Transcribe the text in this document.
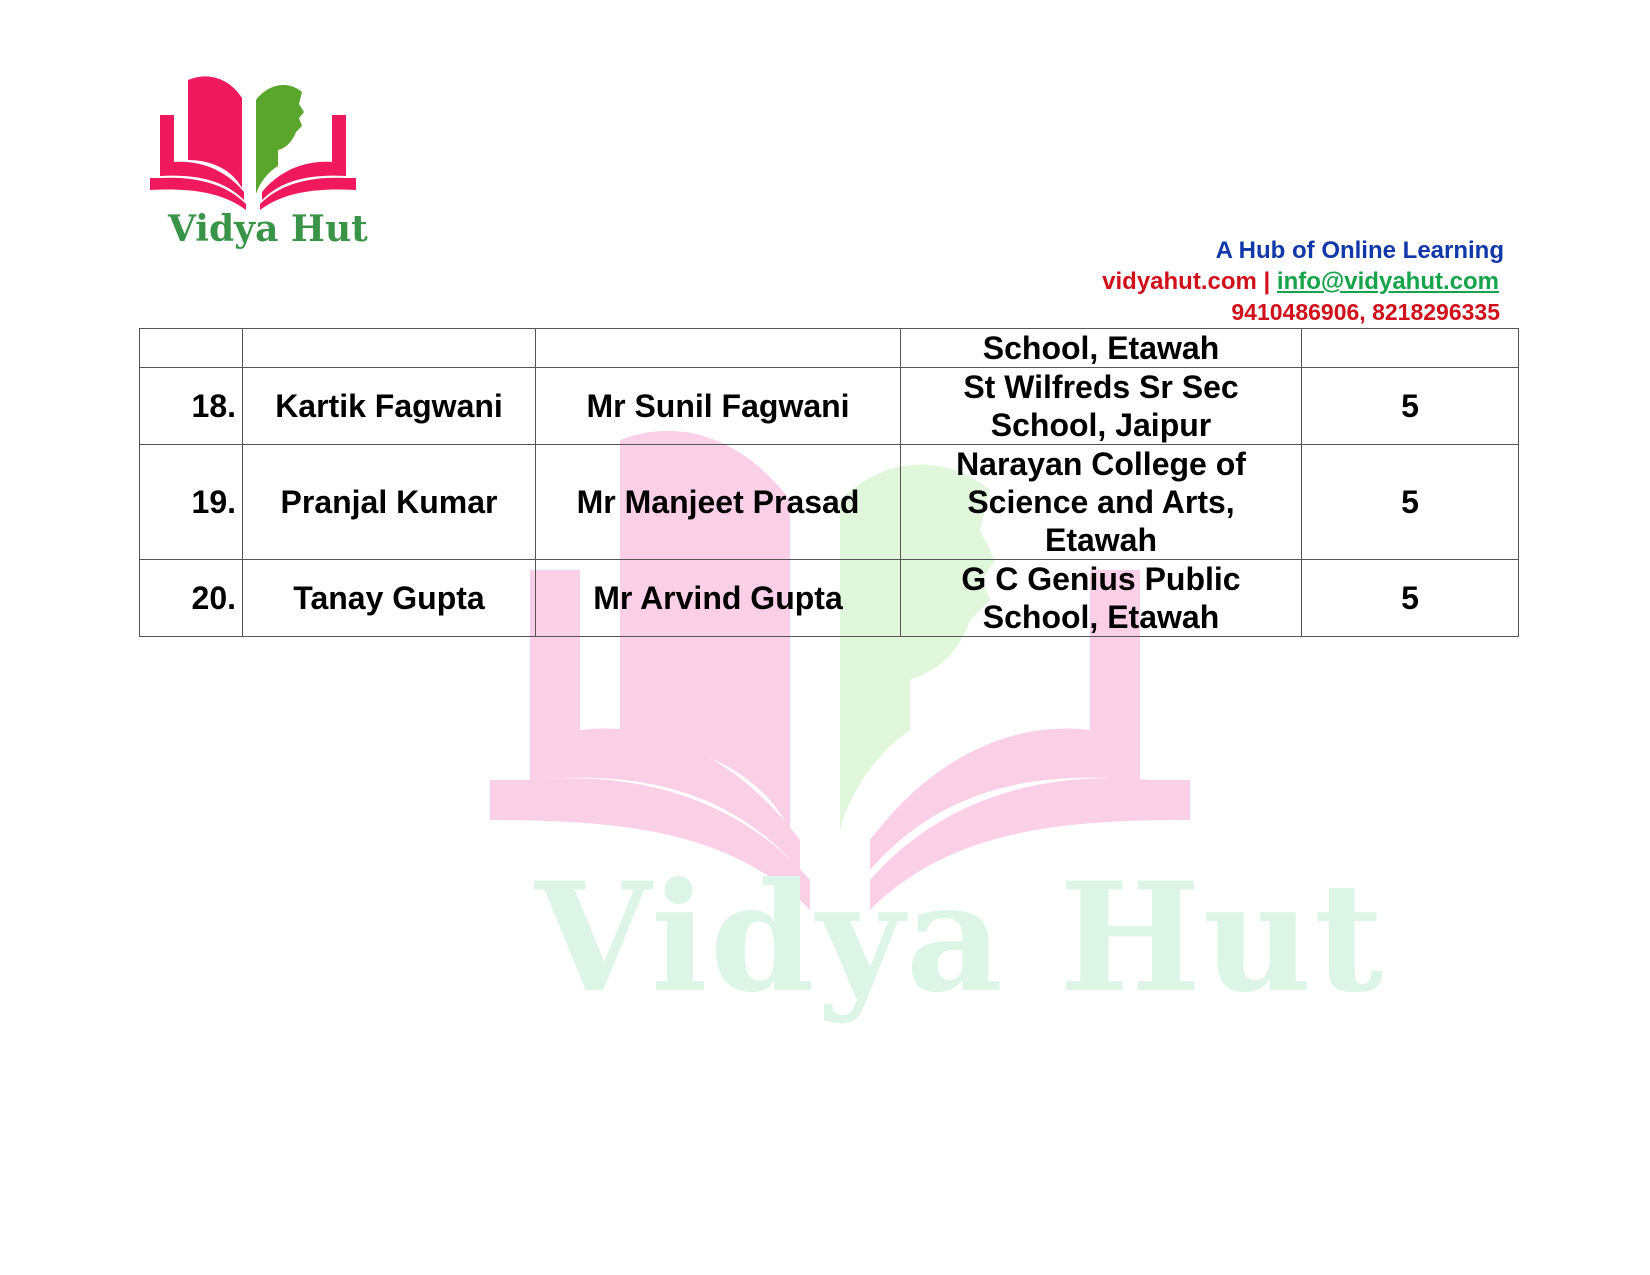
Vidya Hut
Vidya Hut
A Hub of Online Learning
vidyahut.com | info@vidyahut.com
9410486906, 8218296335

			School, Etawah	

18.	Kartik Fagwani	Mr Sunil Fagwani	St Wilfreds Sr Sec
School, Jaipur	5
19.	Pranjal Kumar	Mr Manjeet Prasad	Narayan College of
Science and Arts,
Etawah	5
20.	Tanay Gupta	Mr Arvind Gupta	G C Genius Public
School, Etawah	5
